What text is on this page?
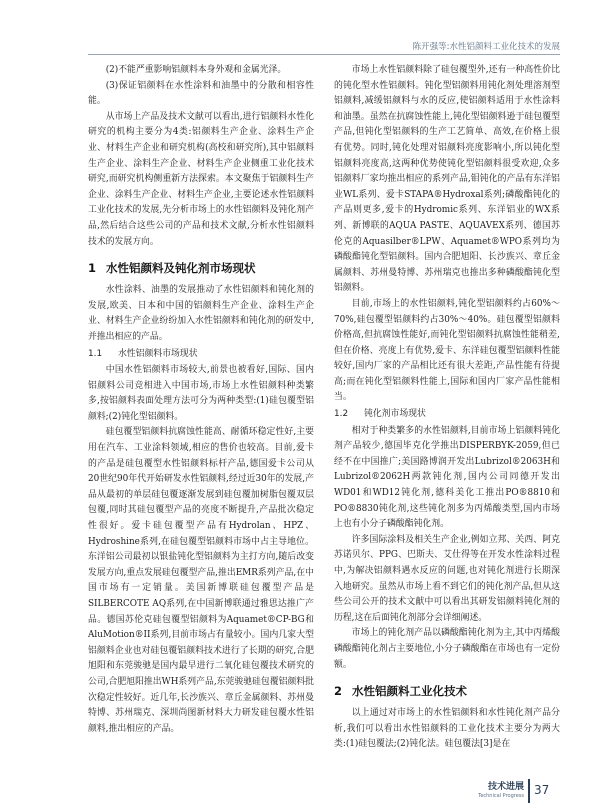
陈开强等:水性铝颜料工业化技术的发展

(2)不能严重影响铝颜料本身外观和金属光泽。

(3)保证铝颜料在水性涂料和油墨中的分散和相容性能。

从市场上产品及技术文献可以看出,进行铝颜料水性化研究的机构主要分为4类:铝颜料生产企业、涂料生产企业、材料生产企业和研究机构(高校和研究所),其中铝颜料生产企业、涂料生产企业、材料生产企业侧重工业化技术研究,而研究机构侧重新方法探索。本文聚焦于铝颜料生产企业、涂料生产企业、材料生产企业,主要论述水性铝颜料工业化技术的发展,先分析市场上的水性铝颜料及钝化剂产品,然后结合这些公司的产品和技术文献,分析水性铝颜料技术的发展方向。

1 水性铝颜料及钝化剂市场现状

水性涂料、油墨的发展推动了水性铝颜料和钝化剂的发展,欧美、日本和中国的铝颜料生产企业、涂料生产企业、材料生产企业纷纷加入水性铝颜料和钝化剂的研发中,并推出相应的产品。

1.1 水性铝颜料市场现状

中国水性铝颜料市场较大,前景也被看好,国际、国内铝颜料公司竞相进入中国市场,市场上水性铝颜料种类繁多,按铝颜料表面处理方法可分为两种类型:(1)硅包覆型铝颜料;(2)钝化型铝颜料。

硅包覆型铝颜料抗腐蚀性能高、耐循环稳定性好,主要用在汽车、工业涂料领域,相应的售价也较高。目前,爱卡的产品是硅包覆型水性铝颜料标杆产品,德国爱卡公司从20世纪90年代开始研发水性铝颜料,经过近30年的发展,产品从最初的单层硅包覆逐渐发展到硅包覆加树脂包覆双层包覆,同时其硅包覆型产品的亮度不断提升,产品批次稳定性很好。爱卡硅包覆型产品有Hydrolan、HPZ、Hydroshine系列,在硅包覆型铝颜料市场中占主导地位。东洋铝公司最初以银盐钝化型铝颜料为主打方向,随后改变发展方向,重点发展硅包覆型产品,推出EMR系列产品,在中国市场有一定销量。美国新博联硅包覆型产品是SILBERCOTE AQ系列,在中国新博联通过雅思达推广产品。德国苏伦克硅包覆型铝颜料为Aquamet®CP-BG和AluMotion®II系列,目前市场占有量较小。国内几家大型铝颜料企业也对硅包覆铝颜料技术进行了长期的研究,合肥旭阳和东莞骏驰是国内最早进行二氧化硅包覆技术研究的公司,合肥旭阳推出WH系列产品,东莞骏驰硅包覆铝颜料批次稳定性较好。近几年,长沙族兴、章丘金属颜料、苏州曼特博、苏州瑞克、深圳尚图新材料大力研发硅包覆水性铝颜料,推出相应的产品。

市场上水性铝颜料除了硅包覆型外,还有一种高性价比的钝化型水性铝颜料。钝化型铝颜料用钝化剂处理溶剂型铝颜料,减缓铝颜料与水的反应,使铝颜料适用于水性涂料和油墨。虽然在抗腐蚀性能上,钝化型铝颜料逊于硅包覆型产品,但钝化型铝颜料的生产工艺简单、高效,在价格上很有优势。同时,钝化处理对铝颜料亮度影响小,所以钝化型铝颜料亮度高,这两种优势使钝化型铝颜料很受欢迎,众多铝颜料厂家均推出相应的系列产品,钼钝化的产品有东洋铝业WL系列、爱卡STAPA®Hydroxal系列;磷酸酯钝化的产品则更多,爱卡的Hydromic系列、东洋铝业的WX系列、新博联的AQUA PASTE、AQUAVEX系列、德国苏伦克的Aquasilber®LPW、Aquamet®WPO系列均为磷酸酯钝化型铝颜料。国内合肥旭阳、长沙族兴、章丘金属颜料、苏州曼特博、苏州瑞克也推出多种磷酸酯钝化型铝颜料。

目前,市场上的水性铝颜料,钝化型铝颜料约占60%～70%,硅包覆型铝颜料约占30%～40%。硅包覆型铝颜料价格高,但抗腐蚀性能好,而钝化型铝颜料抗腐蚀性能稍差,但在价格、亮度上有优势,爱卡、东洋硅包覆型铝颜料性能较好,国内厂家的产品相比还有很大差距,产品性能有待提高;而在钝化型铝颜料性能上,国际和国内厂家产品性能相当。

1.2 钝化剂市场现状

相对于种类繁多的水性铝颜料,目前市场上铝颜料钝化剂产品较少,德国毕克化学推出DISPERBYK-2059,但已经不在中国推广;美国路博润开发出Lubrizol®2063H和Lubrizol®2062H两款钝化剂,国内公司同德开发出WD01和WD12钝化剂,德科美化工推出PO®8810和PO®8830钝化剂,这些钝化剂多为丙烯酸类型,国内市场上也有小分子磷酸酯钝化剂。

许多国际涂料及相关生产企业,例如立邦、关西、阿克苏诺贝尔、PPG、巴斯夫、艾仕得等在开发水性涂料过程中,为解决铝颜料遇水反应的问题,也对钝化剂进行长期深入地研究。虽然从市场上看不到它们的钝化剂产品,但从这些公司公开的技术文献中可以看出其研发铝颜料钝化剂的历程,这在后面钝化剂部分会详细阐述。

市场上的钝化剂产品以磷酸酯钝化剂为主,其中丙烯酸磷酸酯钝化剂占主要地位,小分子磷酸酯在市场也有一定份额。

2 水性铝颜料工业化技术

以上通过对市场上的水性铝颜料和水性钝化剂产品分析,我们可以看出水性铝颜料的工业化技术主要分为两大类:(1)硅包覆法;(2)钝化法。硅包覆法[3]是在

技术进展
Technical Progress 37
